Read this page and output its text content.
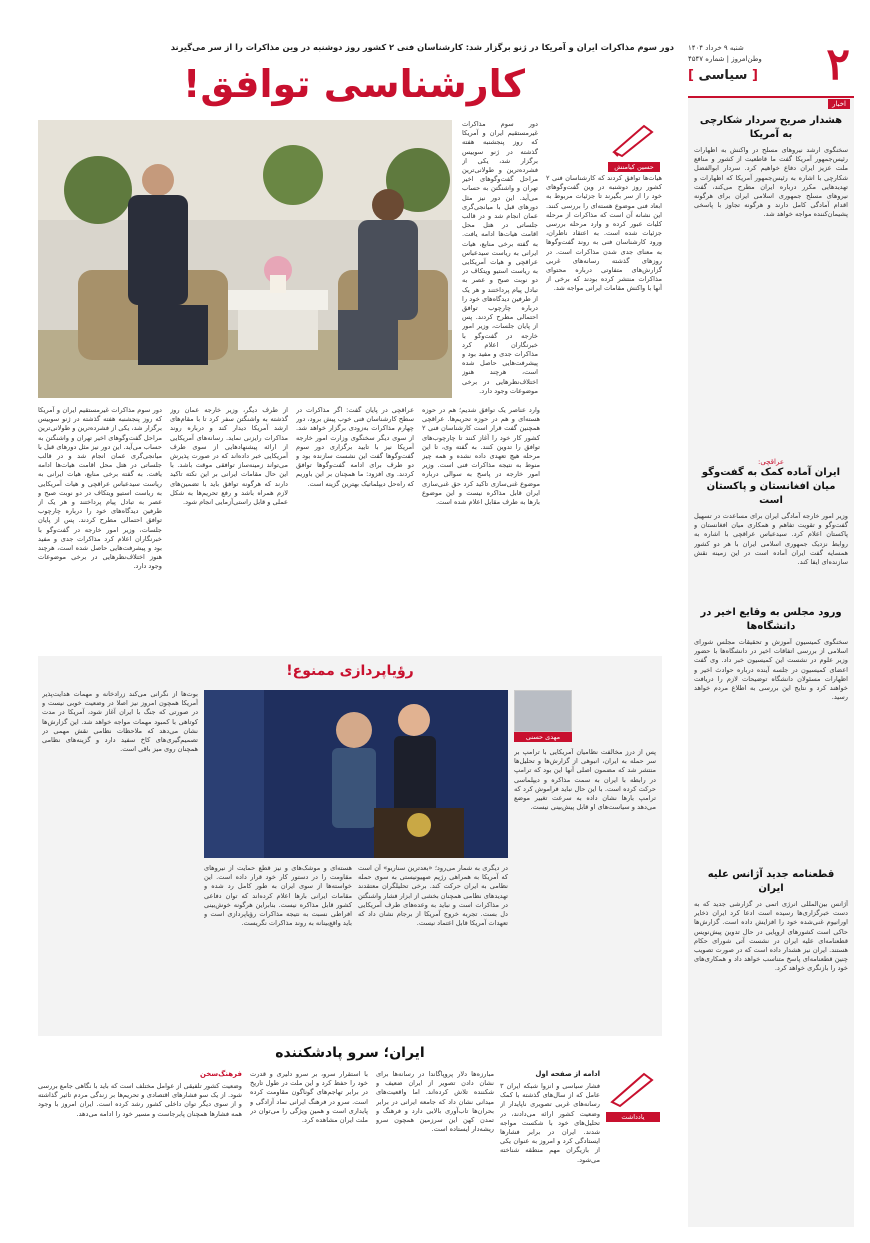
۲
شنبه ۹ خرداد ۱۴۰۴
وطن‌امروز | شماره ۴۵۴۷
[ سیاسی ]
اخبار
هشدار صریح سردار شکارچی به آمریکا
سخنگوی ارشد نیروهای مسلح در واکنش به اظهارات رئیس‌جمهور آمریکا گفت ما قاطعیت از کشور و منافع ملت عزیز ایران دفاع خواهیم کرد. سردار ابوالفضل شکارچی با اشاره به رئیس‌جمهور آمریکا که اظهارات و تهدیدهایی مکرر درباره ایران مطرح می‌کند، گفت نیروهای مسلح جمهوری اسلامی ایران برای هرگونه اقدام آمادگی کامل دارند و هرگونه تجاوز با پاسخی پشیمان‌کننده مواجه خواهد شد.
عراقچی:
ایران آماده کمک به گفت‌وگو میان افغانستان و پاکستان است
وزیر امور خارجه آمادگی ایران برای مساعدت در تسهیل گفت‌وگو و تقویت تفاهم و همکاری میان افغانستان و پاکستان اعلام کرد. سیدعباس عراقچی با اشاره به روابط نزدیک جمهوری اسلامی ایران با هر دو کشور همسایه گفت ایران آماده است در این زمینه نقش سازنده‌ای ایفا کند.
ورود مجلس به وقایع اخیر در دانشگاه‌ها
سخنگوی کمیسیون آموزش و تحقیقات مجلس شورای اسلامی از بررسی اتفاقات اخیر در دانشگاه‌ها با حضور وزیر علوم در نشست این کمیسیون خبر داد. وی گفت اعضای کمیسیون در جلسه آینده درباره حوادث اخیر و اظهارات مسئولان دانشگاه توضیحات لازم را دریافت خواهند کرد و نتایج این بررسی به اطلاع مردم خواهد رسید.
قطعنامه جدید آژانس علیه ایران
آژانس بین‌المللی انرژی اتمی در گزارشی جدید که به دست خبرگزاری‌ها رسیده است ادعا کرد ایران ذخایر اورانیوم غنی‌شده خود را افزایش داده است. گزارش‌ها حاکی است کشورهای اروپایی در حال تدوین پیش‌نویس قطعنامه‌ای علیه ایران در نشست آتی شورای حکام هستند. ایران نیز هشدار داده است که در صورت تصویب چنین قطعنامه‌ای پاسخ متناسب خواهد داد و همکاری‌های خود را بازنگری خواهد کرد.
دور سوم مذاکرات ایران و آمریکا در ژنو برگزار شد: کارشناسان فنی ۲ کشور روز دوشنبه در وین مذاکرات را از سر می‌گیرند
کارشناسی توافق!
حسین کیامنش
دور سوم مذاکرات غیرمستقیم ایران و آمریکا که روز پنجشنبه هفته گذشته در ژنو سوییس برگزار شد، یکی از فشرده‌ترین و طولانی‌ترین مراحل گفت‌وگوهای اخیر تهران و واشنگتن به حساب می‌آید. این دور نیز مثل دورهای قبل با میانجی‌گری عمان انجام شد و در قالب جلساتی در هتل محل اقامت هیات‌ها ادامه یافت. به گفته برخی منابع، هیات ایرانی به ریاست سیدعباس عراقچی و هیات آمریکایی به ریاست استیو ویتکاف در دو نوبت صبح و عصر به تبادل پیام پرداختند و هر یک از طرفین دیدگاه‌های خود را درباره چارچوب توافق احتمالی مطرح کردند. پس از پایان جلسات، وزیر امور خارجه در گفت‌وگو با خبرنگاران اعلام کرد مذاکرات جدی و مفید بود و پیشرفت‌هایی حاصل شده است، هرچند هنوز اختلاف‌نظرهایی در برخی موضوعات وجود دارد.
هیات‌ها توافق کردند که کارشناسان فنی ۲ کشور روز دوشنبه در وین گفت‌وگوهای خود را از سر بگیرند تا جزئیات مربوط به ابعاد فنی موضوع هسته‌ای را بررسی کنند. این نشانه آن است که مذاکرات از مرحله کلیات عبور کرده و وارد مرحله بررسی جزئیات شده است. به اعتقاد ناظران، ورود کارشناسان فنی به روند گفت‌وگوها به معنای جدی شدن مذاکرات است. در روزهای گذشته رسانه‌های غربی گزارش‌های متفاوتی درباره محتوای مذاکرات منتشر کرده بودند که برخی از آنها با واکنش مقامات ایرانی مواجه شد.
وارد عناصر یک توافق شدیم؛ هم در حوزه هسته‌ای و هم در حوزه تحریم‌ها. عراقچی همچنین گفت قرار است کارشناسان فنی ۲ کشور کار خود را آغاز کنند تا چارچوب‌های توافق را تدوین کنند. به گفته وی، تا این مرحله هیچ تعهدی داده نشده و همه چیز منوط به نتیجه مذاکرات فنی است. وزیر امور خارجه در پاسخ به سوالی درباره موضوع غنی‌سازی تاکید کرد حق غنی‌سازی ایران قابل مذاکره نیست و این موضوع بارها به طرف مقابل اعلام شده است.
عراقچی در پایان گفت: اگر مذاکرات در سطح کارشناسان فنی خوب پیش برود، دور چهارم مذاکرات به‌زودی برگزار خواهد شد. از سوی دیگر سخنگوی وزارت امور خارجه آمریکا نیز با تایید برگزاری دور سوم گفت‌وگوها گفت این نشست سازنده بود و دو طرف برای ادامه گفت‌وگوها توافق کردند. وی افزود: ما همچنان بر این باوریم که راه‌حل دیپلماتیک بهترین گزینه است.
از طرف دیگر، وزیر خارجه عمان روز گذشته به واشنگتن سفر کرد تا با مقام‌های ارشد آمریکا دیدار کند و درباره روند مذاکرات رایزنی نماید. رسانه‌های آمریکایی از ارائه پیشنهادهایی از سوی طرف آمریکایی خبر داده‌اند که در صورت پذیرش می‌تواند زمینه‌ساز توافقی موقت باشد. با این حال مقامات ایرانی بر این نکته تاکید دارند که هرگونه توافق باید با تضمین‌های لازم همراه باشد و رفع تحریم‌ها به شکل عملی و قابل راستی‌آزمایی انجام شود.
دور سوم مذاکرات غیرمستقیم ایران و آمریکا که روز پنجشنبه هفته گذشته در ژنو سوییس برگزار شد، یکی از فشرده‌ترین و طولانی‌ترین مراحل گفت‌وگوهای اخیر تهران و واشنگتن به حساب می‌آید. این دور نیز مثل دورهای قبل با میانجی‌گری عمان انجام شد و در قالب جلساتی در هتل محل اقامت هیات‌ها ادامه یافت. به گفته برخی منابع، هیات ایرانی به ریاست سیدعباس عراقچی و هیات آمریکایی به ریاست استیو ویتکاف در دو نوبت صبح و عصر به تبادل پیام پرداختند و هر یک از طرفین دیدگاه‌های خود را درباره چارچوب توافق احتمالی مطرح کردند. پس از پایان جلسات، وزیر امور خارجه در گفت‌وگو با خبرنگاران اعلام کرد مذاکرات جدی و مفید بود و پیشرفت‌هایی حاصل شده است، هرچند هنوز اختلاف‌نظرهایی در برخی موضوعات وجود دارد.
رؤیاپردازی ممنوع!
مهدی حسنی
پس از درز مخالفت نظامیان آمریکایی با ترامپ بر سر حمله به ایران، انبوهی از گزارش‌ها و تحلیل‌ها منتشر شد که مضمون اصلی آنها این بود که ترامپ در رابطه با ایران به سمت مذاکره و دیپلماسی حرکت کرده است. با این حال نباید فراموش کرد که ترامپ بارها نشان داده به سرعت تغییر موضع می‌دهد و سیاست‌های او قابل پیش‌بینی نیست.
در دیگری به شمار می‌رود؛ «بعدترین سناریو» آن است که آمریکا به همراهی رژیم صهیونیستی به سوی حمله نظامی به ایران حرکت کند. برخی تحلیلگران معتقدند تهدیدهای نظامی همچنان بخشی از ابزار فشار واشنگتن در مذاکرات است و نباید به وعده‌های طرف آمریکایی دل بست. تجربه خروج آمریکا از برجام نشان داد که تعهدات آمریکا قابل اعتماد نیست.
هسته‌ای و موشک‌های و نیز قطع حمایت از نیروهای مقاومت را در دستور کار خود قرار داده است. این خواسته‌ها از سوی ایران به طور کامل رد شده و مقامات ایرانی بارها اعلام کرده‌اند که توان دفاعی کشور قابل مذاکره نیست. بنابراین هرگونه خوش‌بینی افراطی نسبت به نتیجه مذاکرات رؤیاپردازی است و باید واقع‌بینانه به روند مذاکرات نگریست.
بوت‌ها از نگرانی می‌کند زرادخانه و مهمات هدایت‌پذیر آمریکا همچون امروز نیز اصلا در وضعیت خوبی نیست و در صورتی که جنگ با ایران آغاز شود، آمریکا در مدت کوتاهی با کمبود مهمات مواجه خواهد شد. این گزارش‌ها نشان می‌دهد که ملاحظات نظامی نقش مهمی در تصمیم‌گیری‌های کاخ سفید دارد و گزینه‌های نظامی همچنان روی میز باقی است.
ایران؛ سرو پادشکننده
یادداشت
ادامه از صفحه اول
فشار سیاسی و انزوا شبکه ایران ۳ عامل که از سال‌های گذشته با کمک رسانه‌های غربی تصویری ناپایدار از وضعیت کشور ارائه می‌دادند، در تحلیل‌های خود با شکست مواجه شدند. ایران در برابر فشارها ایستادگی کرد و امروز به عنوان یکی از بازیگران مهم منطقه شناخته می‌شود.
مبارزه‌ها دلار پروپاگاندا در رسانه‌ها برای نشان دادن تصویر از ایران ضعیف و شکننده تلاش کرده‌اند. اما واقعیت‌های میدانی نشان داد که جامعه ایرانی در برابر بحران‌ها تاب‌آوری بالایی دارد و فرهنگ و تمدن کهن این سرزمین همچون سرو ریشه‌دار ایستاده است.
با استقرار سرو، بر سرو دلیری و قدرت خود را حفظ کرد و این ملت در طول تاریخ در برابر تهاجم‌های گوناگون مقاومت کرده است. سرو در فرهنگ ایرانی نماد آزادگی و پایداری است و همین ویژگی را می‌توان در ملت ایران مشاهده کرد.
فرهنگ‌سخن
وضعیت کشور تلفیقی از عوامل مختلف است که باید با نگاهی جامع بررسی شود. از یک سو فشارهای اقتصادی و تحریم‌ها بر زندگی مردم تاثیر گذاشته و از سوی دیگر توان داخلی کشور رشد کرده است. ایران امروز با وجود همه فشارها همچنان پابرجاست و مسیر خود را ادامه می‌دهد.
